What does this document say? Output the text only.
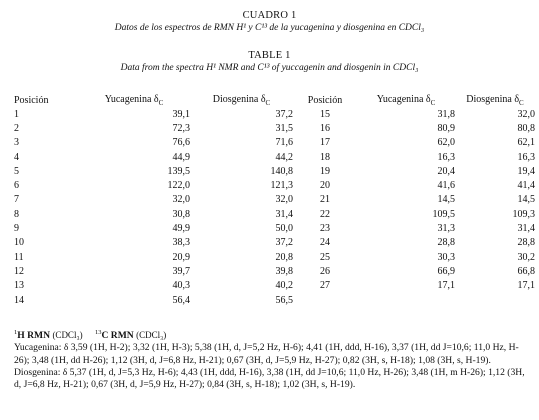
CUADRO 1
Datos de los espectros de RMN H¹ y C¹³ de la yucagenina y diosgenina en CDCl₃
TABLE 1
Data from the spectra H¹ NMR and C¹³ of yuccagenin and diosgenin in CDCl₃
Posición	Yucagenina $\delta_C$	Diosgenina $\delta_C$	Posición	Yucagenina $\delta_C$	Diosgenina $\delta_C$
1	39,1	37,2	15	31,8	32,0
2	72,3	31,5	16	80,9	80,8
3	76,6	71,6	17	62,0	62,1
4	44,9	44,2	18	16,3	16,3
5	139,5	140,8	19	20,4	19,4
6	122,0	121,3	20	41,6	41,4
7	32,0	32,0	21	14,5	14,5
8	30,8	31,4	22	109,5	109,3
9	49,9	50,0	23	31,3	31,4
10	38,3	37,2	24	28,8	28,8
11	20,9	20,8	25	30,3	30,2
12	39,7	39,8	26	66,9	66,8
13	40,3	40,2	27	17,1	17,1
14	56,4	56,5			

$^1$H RMN (CDCl₃) $^{13}$C RMN (CDCl₃)

Yucagenina: δ 3,59 (1H, H-2); 3,32 (1H, H-3); 5,38 (1H, d, J=5,2 Hz, H-6); 4,41 (1H, ddd, H-16), 3,37 (1H, dd J=10,6; 11,0 Hz, H-26); 3,48 (1H, dd H-26); 1,12 (3H, d, J=6,8 Hz, H-21); 0,67 (3H, d, J=5,9 Hz, H-27); 0,82 (3H, s, H-18); 1,08 (3H, s, H-19).

Diosgenina: δ 5,37 (1H, d, J=5,3 Hz, H-6); 4,43 (1H, ddd, H-16), 3,38 (1H, dd J=10,6; 11,0 Hz, H-26); 3,48 (1H, m H-26); 1,12 (3H, d, J=6,8 Hz, H-21); 0,67 (3H, d, J=5,9 Hz, H-27); 0,84 (3H, s, H-18); 1,02 (3H, s, H-19).
